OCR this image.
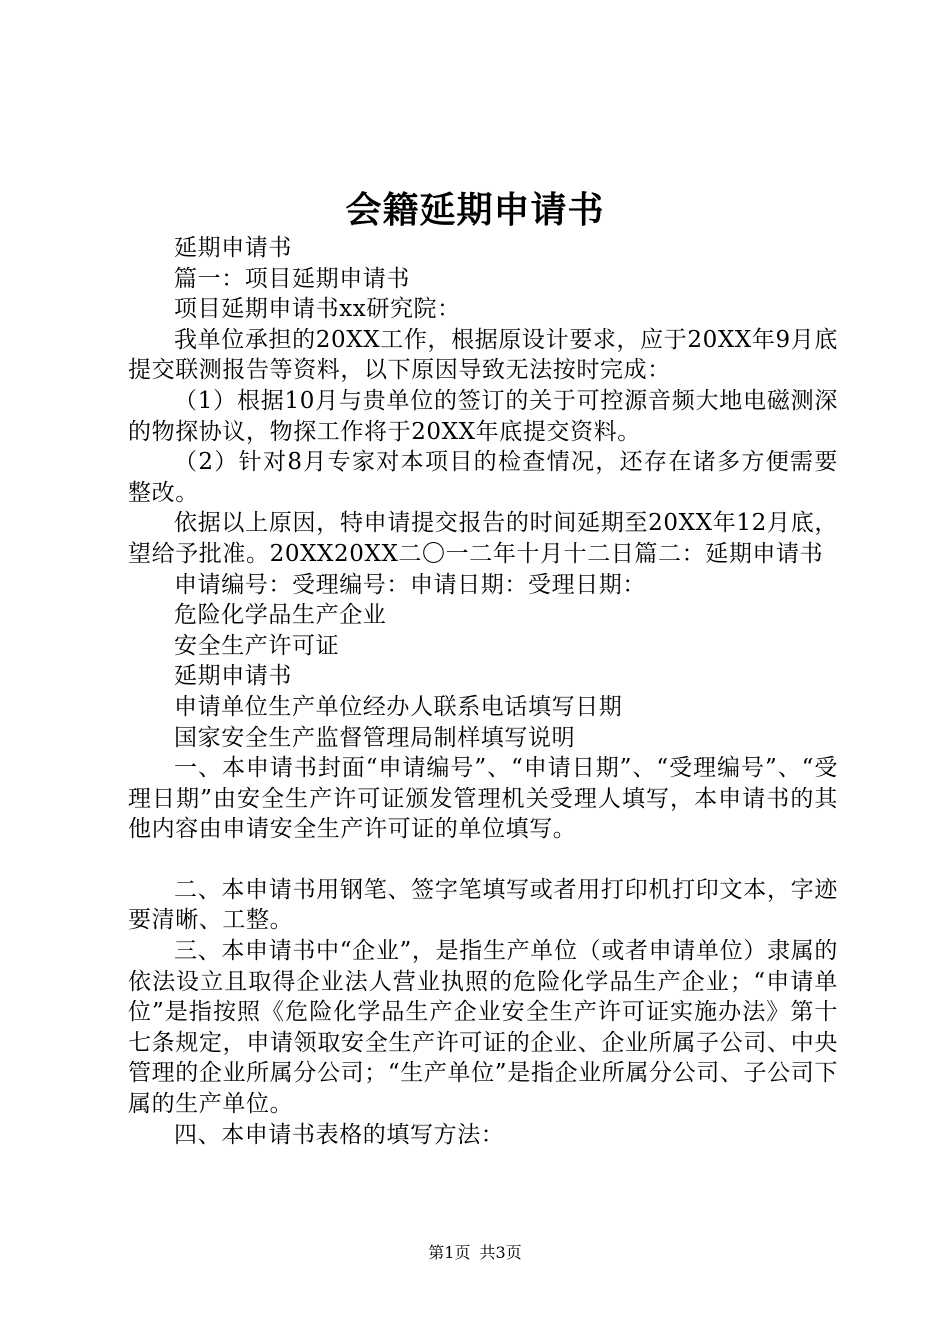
会籍延期申请书

延期申请书

篇一：项目延期申请书

项目延期申请书xx研究院：

我单位承担的20XX工作，根据原设计要求，应于20XX年9月底提交联测报告等资料，以下原因导致无法按时完成：

（1）根据10月与贵单位的签订的关于可控源音频大地电磁测深的物探协议，物探工作将于20XX年底提交资料。

（2）针对8月专家对本项目的检查情况，还存在诸多方便需要整改。

依据以上原因，特申请提交报告的时间延期至20XX年12月底，望给予批准。20XX20XX二〇一二年十月十二日篇二：延期申请书

申请编号：受理编号：申请日期：受理日期：

危险化学品生产企业

安全生产许可证

延期申请书

申请单位生产单位经办人联系电话填写日期

国家安全生产监督管理局制样填写说明

一、本申请书封面“申请编号”、“申请日期”、“受理编号”、“受理日期”由安全生产许可证颁发管理机关受理人填写，本申请书的其他内容由申请安全生产许可证的单位填写。

二、本申请书用钢笔、签字笔填写或者用打印机打印文本，字迹要清晰、工整。

三、本申请书中“企业”，是指生产单位（或者申请单位）隶属的依法设立且取得企业法人营业执照的危险化学品生产企业；“申请单位”是指按照《危险化学品生产企业安全生产许可证实施办法》第十七条规定，申请领取安全生产许可证的企业、企业所属子公司、中央管理的企业所属分公司；“生产单位”是指企业所属分公司、子公司下属的生产单位。

四、本申请书表格的填写方法：

第1页 共3页
